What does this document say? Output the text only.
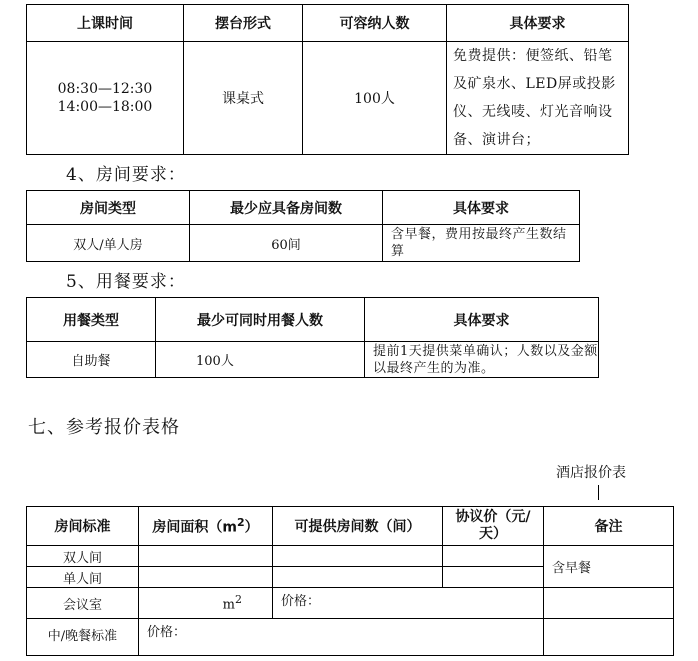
上课时间	摆台形式	可容纳人数	具体要求

08:30—12:30
14:00—18:00	课桌式	100人	免费提供：便签纸、铅笔及矿泉水、LED屏或投影仪、无线唛、灯光音响设备、演讲台；
4、房间要求：
房间类型	最少应具备房间数	具体要求
双人/单人房	60间	含早餐，费用按最终产生数结算
5、用餐要求：
用餐类型	最少可同时用餐人数	具体要求
自助餐	100人	提前1天提供菜单确认；人数以及金额以最终产生的为准。
七、参考报价表格
酒店报价表
房间标准	房间面积$(m^2)$	可提供房间数（间）	协议价（元/天）	备注
双人间				含早餐
单人间				
会议室	$m^2$	价格：		
中/晚餐标准	价格：			
